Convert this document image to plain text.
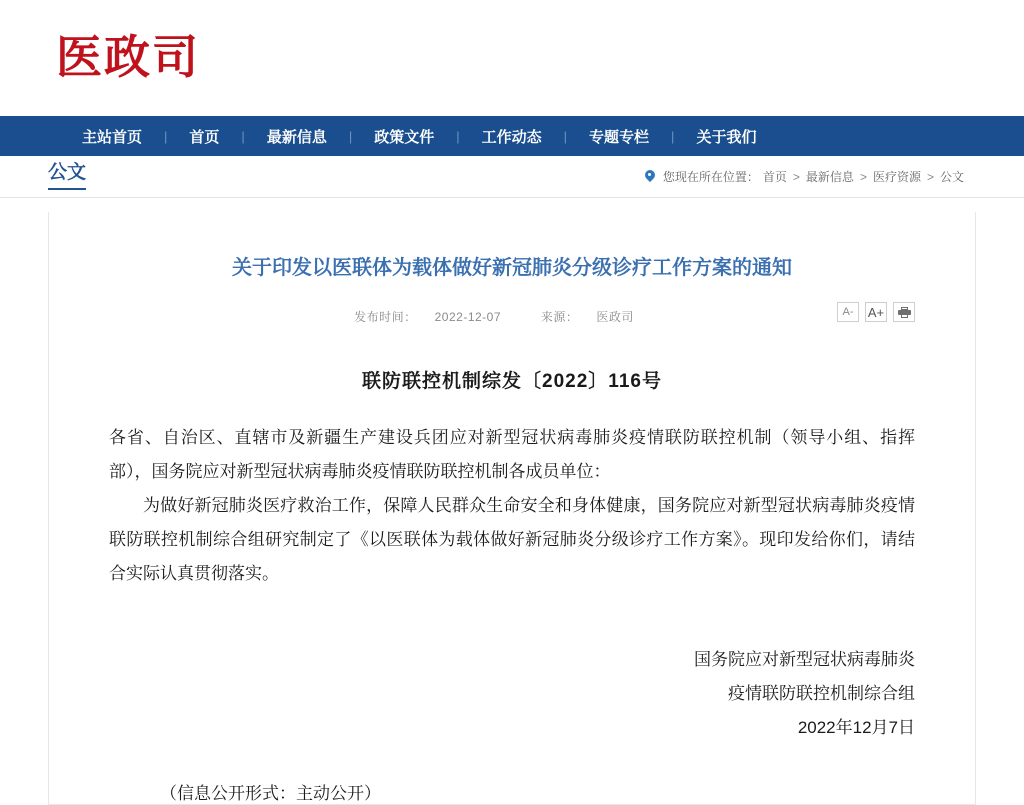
医政司
主站首页	|	首页	|	最新信息	|	政策文件	|	工作动态	|	专题专栏	|	关于我们
公文	您现在所在位置： 首页 > 最新信息 > 医疗资源 > 公文
关于印发以医联体为载体做好新冠肺炎分级诊疗工作方案的通知
发布时间： 2022-12-07	来源： 医政司	A-	A+
联防联控机制综发〔2022〕116号

各省、自治区、直辖市及新疆生产建设兵团应对新型冠状病毒肺炎疫情联防联控机制（领导小组、指挥部），国务院应对新型冠状病毒肺炎疫情联防联控机制各成员单位：

为做好新冠肺炎医疗救治工作，保障人民群众生命安全和身体健康，国务院应对新型冠状病毒肺炎疫情联防联控机制综合组研究制定了《以医联体为载体做好新冠肺炎分级诊疗工作方案》。现印发给你们，请结合实际认真贯彻落实。

国务院应对新型冠状病毒肺炎
疫情联防联控机制综合组
2022年12月7日
（信息公开形式：主动公开）
